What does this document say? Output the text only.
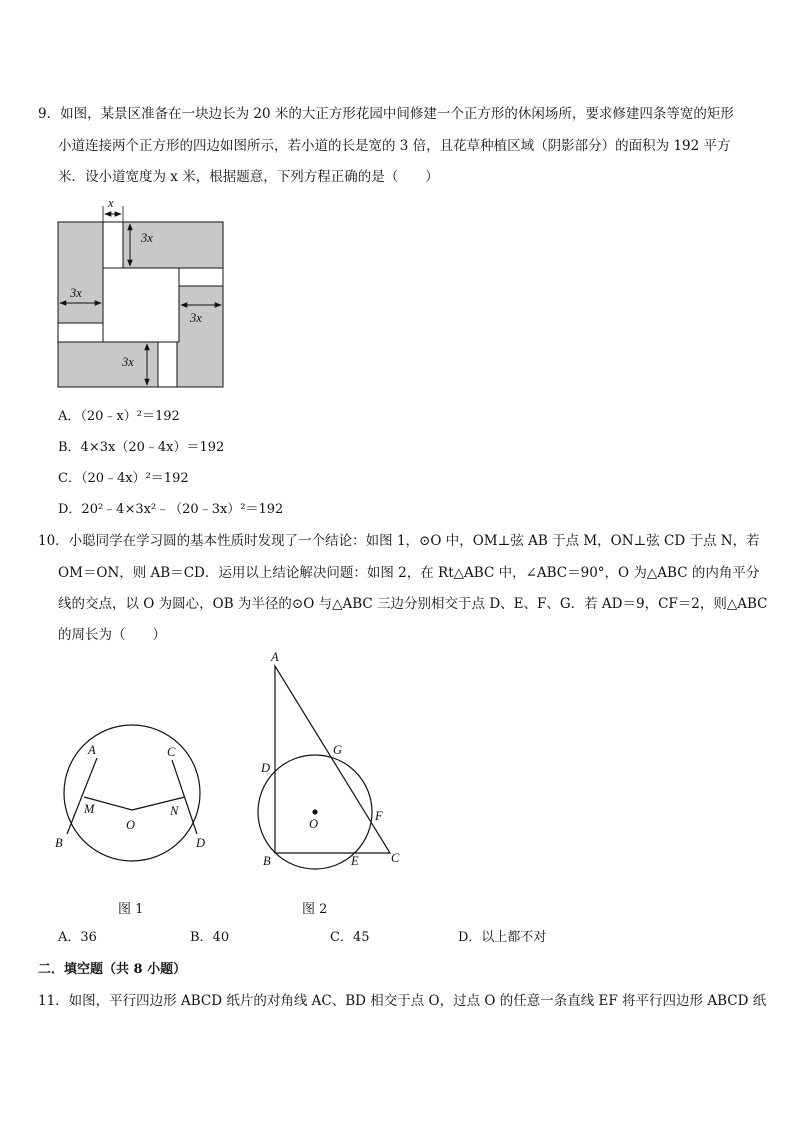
9．如图，某景区准备在一块边长为 20 米的大正方形花园中间修建一个正方形的休闲场所，要求修建四条等宽的矩形
小道连接两个正方形的四边如图所示，若小道的长是宽的 3 倍，且花草种植区域（阴影部分）的面积为 192 平方
米．设小道宽度为 x 米，根据题意，下列方程正确的是（　　）
x
3x
3x
3x
3x
A．（20﹣x）²＝192
B．4×3x（20﹣4x）＝192
C．（20﹣4x）²＝192
D．20²﹣4×3x²﹣（20﹣3x）²＝192
10．小聪同学在学习圆的基本性质时发现了一个结论：如图 1，⊙O 中，OM⊥弦 AB 于点 M，ON⊥弦 CD 于点 N，若
OM＝ON，则 AB＝CD．运用以上结论解决问题：如图 2，在 Rt△ABC 中，∠ABC＝90°，O 为△ABC 的内角平分
线的交点，以 O 为圆心，OB 为半径的⊙O 与△ABC 三边分别相交于点 D、E、F、G．若 AD＝9，CF＝2，则△ABC
的周长为（　　）
A	C
M	N
O
B	D
图 1
A
D
G
F
O
B	E	C
图 2
A．36	B．40	C．45	D．以上都不对
二．填空题（共 8 小题）
11．如图，平行四边形 ABCD 纸片的对角线 AC、BD 相交于点 O，过点 O 的任意一条直线 EF 将平行四边形 ABCD 纸
